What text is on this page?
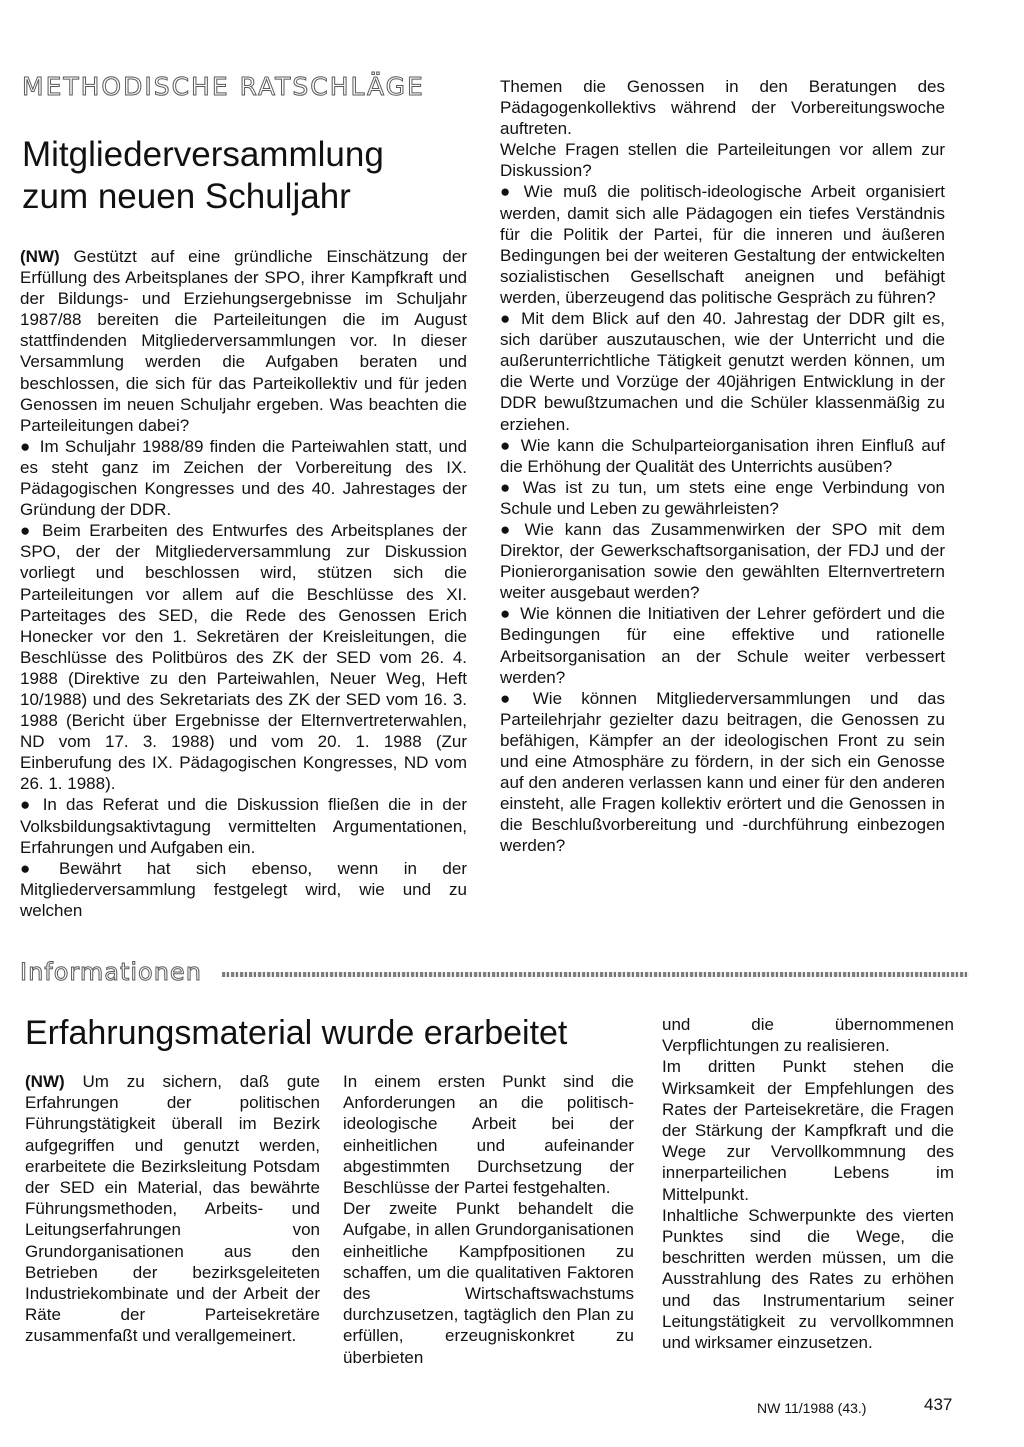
METHODISCHE RATSCHLÄGE
Mitgliederversammlung
zum neuen Schuljahr

(NW) Gestützt auf eine gründliche Einschätzung der Erfüllung des Arbeitsplanes der SPO, ihrer Kampfkraft und der Bildungs- und Erziehungsergebnisse im Schuljahr 1987/88 bereiten die Parteileitungen die im August stattfindenden Mitgliederversammlungen vor. In dieser Versammlung werden die Aufgaben beraten und beschlossen, die sich für das Parteikollektiv und für jeden Genossen im neuen Schuljahr ergeben. Was beachten die Parteileitungen dabei?

● Im Schuljahr 1988/89 finden die Parteiwahlen statt, und es steht ganz im Zeichen der Vorbereitung des IX. Pädagogischen Kongresses und des 40. Jahrestages der Gründung der DDR.

● Beim Erarbeiten des Entwurfes des Arbeitsplanes der SPO, der der Mitgliederversammlung zur Diskussion vorliegt und beschlossen wird, stützen sich die Parteileitungen vor allem auf die Beschlüsse des XI. Parteitages des SED, die Rede des Genossen Erich Honecker vor den 1. Sekretären der Kreisleitungen, die Beschlüsse des Politbüros des ZK der SED vom 26. 4. 1988 (Direktive zu den Parteiwahlen, Neuer Weg, Heft 10/1988) und des Sekretariats des ZK der SED vom 16. 3. 1988 (Bericht über Ergebnisse der Elternvertreterwahlen, ND vom 17. 3. 1988) und vom 20. 1. 1988 (Zur Einberufung des IX. Pädagogischen Kongresses, ND vom 26. 1. 1988).

● In das Referat und die Diskussion fließen die in der Volksbildungsaktivtagung vermittelten Argumentationen, Erfahrungen und Aufgaben ein.

● Bewährt hat sich ebenso, wenn in der Mitgliederversammlung festgelegt wird, wie und zu welchen

Themen die Genossen in den Beratungen des Pädagogenkollektivs während der Vorbereitungswoche auftreten.

Welche Fragen stellen die Parteileitungen vor allem zur Diskussion?

● Wie muß die politisch-ideologische Arbeit organisiert werden, damit sich alle Pädagogen ein tiefes Verständnis für die Politik der Partei, für die inneren und äußeren Bedingungen bei der weiteren Gestaltung der entwickelten sozialistischen Gesellschaft aneignen und befähigt werden, überzeugend das politische Gespräch zu führen?

● Mit dem Blick auf den 40. Jahrestag der DDR gilt es, sich darüber auszutauschen, wie der Unterricht und die außerunterrichtliche Tätigkeit genutzt werden können, um die Werte und Vorzüge der 40jährigen Entwicklung in der DDR bewußtzumachen und die Schüler klassenmäßig zu erziehen.

● Wie kann die Schulparteiorganisation ihren Einfluß auf die Erhöhung der Qualität des Unterrichts ausüben?

● Was ist zu tun, um stets eine enge Verbindung von Schule und Leben zu gewährleisten?

● Wie kann das Zusammenwirken der SPO mit dem Direktor, der Gewerkschaftsorganisation, der FDJ und der Pionierorganisation sowie den gewählten Elternvertretern weiter ausgebaut werden?

● Wie können die Initiativen der Lehrer gefördert und die Bedingungen für eine effektive und rationelle Arbeitsorganisation an der Schule weiter verbessert werden?

● Wie können Mitgliederversammlungen und das Parteilehrjahr gezielter dazu beitragen, die Genossen zu befähigen, Kämpfer an der ideologischen Front zu sein und eine Atmosphäre zu fördern, in der sich ein Genosse auf den anderen verlassen kann und einer für den anderen einsteht, alle Fragen kollektiv erörtert und die Genossen in die Beschlußvorbereitung und -durchführung einbezogen werden?

Informationen
Erfahrungsmaterial wurde erarbeitet

(NW) Um zu sichern, daß gute Erfahrungen der politischen Führungstätigkeit überall im Bezirk aufgegriffen und genutzt werden, erarbeitete die Bezirksleitung Potsdam der SED ein Material, das bewährte Führungsmethoden, Arbeits- und Leitungserfahrungen von Grundorganisationen aus den Betrieben der bezirksgeleiteten Industriekombinate und der Arbeit der Räte der Parteisekretäre zusammenfaßt und verallgemeinert.

In einem ersten Punkt sind die Anforderungen an die politisch-ideologische Arbeit bei der einheitlichen und aufeinander abgestimmten Durchsetzung der Beschlüsse der Partei festgehalten.

Der zweite Punkt behandelt die Aufgabe, in allen Grundorganisationen einheitliche Kampfpositionen zu schaffen, um die qualitativen Faktoren des Wirtschaftswachstums durchzusetzen, tagtäglich den Plan zu erfüllen, erzeugniskonkret zu überbieten

und die übernommenen Verpflichtungen zu realisieren.

Im dritten Punkt stehen die Wirksamkeit der Empfehlungen des Rates der Parteisekretäre, die Fragen der Stärkung der Kampfkraft und die Wege zur Vervollkommnung des innerparteilichen Lebens im Mittelpunkt.

Inhaltliche Schwerpunkte des vierten Punktes sind die Wege, die beschritten werden müssen, um die Ausstrahlung des Rates zu erhöhen und das Instrumentarium seiner Leitungstätigkeit zu vervollkommnen und wirksamer einzusetzen.

NW 11/1988 (43.)	437
